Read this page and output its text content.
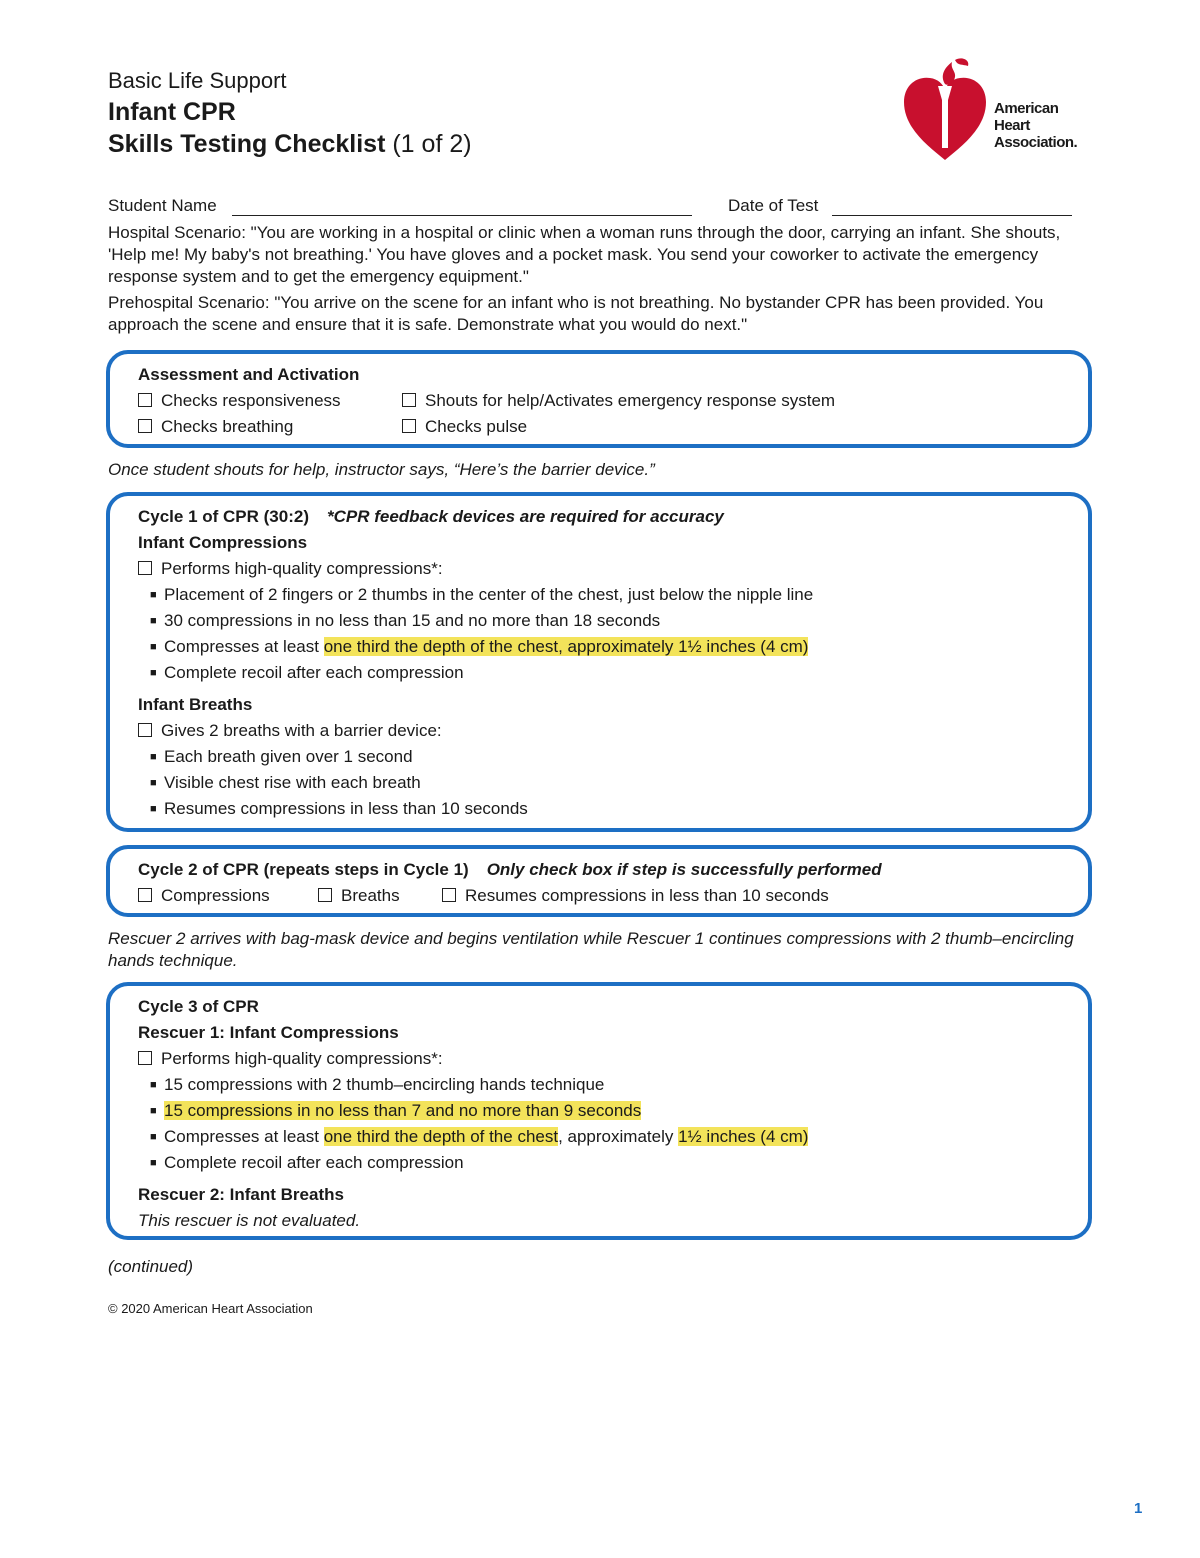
Basic Life Support
Infant CPR
Skills Testing Checklist (1 of 2)
American
Heart
Association.
Student Name	Date of Test
Hospital Scenario: "You are working in a hospital or clinic when a woman runs through the door, carrying an infant. She shouts, 'Help me! My baby's not breathing.' You have gloves and a pocket mask. You send your coworker to activate the emergency response system and to get the emergency equipment."
Prehospital Scenario: "You arrive on the scene for an infant who is not breathing. No bystander CPR has been provided. You approach the scene and ensure that it is safe. Demonstrate what you would do next."
Assessment and Activation
Checks responsiveness	Shouts for help/Activates emergency response system
Checks breathing	Checks pulse
Once student shouts for help, instructor says, “Here’s the barrier device.”
Cycle 1 of CPR (30:2) *CPR feedback devices are required for accuracy
Infant Compressions
Performs high-quality compressions*:
■ Placement of 2 fingers or 2 thumbs in the center of the chest, just below the nipple line
■ 30 compressions in no less than 15 and no more than 18 seconds
■ Compresses at least one third the depth of the chest, approximately 1½ inches (4 cm)
■ Complete recoil after each compression
Infant Breaths
Gives 2 breaths with a barrier device:
■ Each breath given over 1 second
■ Visible chest rise with each breath
■ Resumes compressions in less than 10 seconds
Cycle 2 of CPR (repeats steps in Cycle 1) Only check box if step is successfully performed
Compressions	Breaths	Resumes compressions in less than 10 seconds
Rescuer 2 arrives with bag-mask device and begins ventilation while Rescuer 1 continues compressions with 2 thumb–encircling hands technique.
Cycle 3 of CPR
Rescuer 1: Infant Compressions
Performs high-quality compressions*:
■ 15 compressions with 2 thumb–encircling hands technique
■ 15 compressions in no less than 7 and no more than 9 seconds
■ Compresses at least one third the depth of the chest, approximately 1½ inches (4 cm)
■ Complete recoil after each compression
Rescuer 2: Infant Breaths
This rescuer is not evaluated.
(continued)
© 2020 American Heart Association
1
